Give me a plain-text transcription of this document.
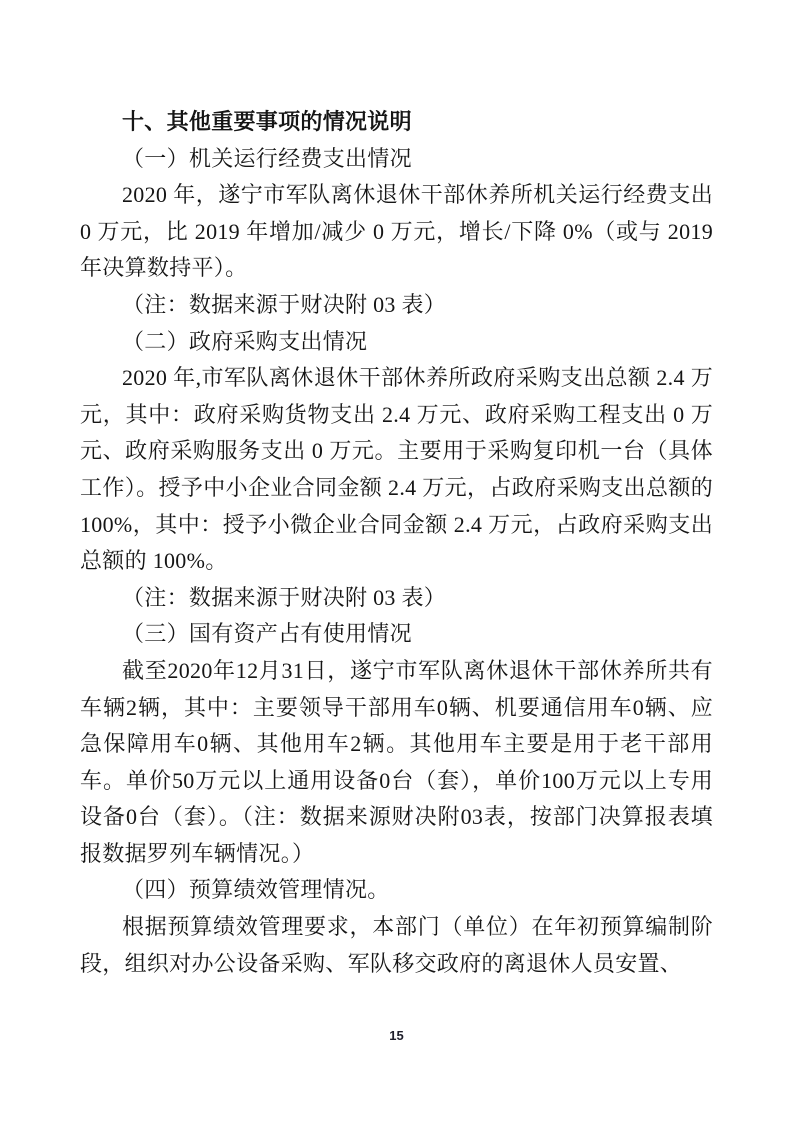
十、其他重要事项的情况说明

（一）机关运行经费支出情况

2020 年，遂宁市军队离休退休干部休养所机关运行经费支出 0 万元，比 2019 年增加/减少 0 万元，增长/下降 0%（或与 2019 年决算数持平）。

（注：数据来源于财决附 03 表）

（二）政府采购支出情况

2020 年,市军队离休退休干部休养所政府采购支出总额 2.4 万元，其中：政府采购货物支出 2.4 万元、政府采购工程支出 0 万元、政府采购服务支出 0 万元。主要用于采购复印机一台（具体工作）。授予中小企业合同金额 2.4 万元，占政府采购支出总额的 100%，其中：授予小微企业合同金额 2.4 万元，占政府采购支出总额的 100%。

（注：数据来源于财决附 03 表）

（三）国有资产占有使用情况

截至2020年12月31日，遂宁市军队离休退休干部休养所共有车辆2辆，其中：主要领导干部用车0辆、机要通信用车0辆、应急保障用车0辆、其他用车2辆。其他用车主要是用于老干部用车。单价50万元以上通用设备0台（套），单价100万元以上专用设备0台（套）。（注：数据来源财决附03表，按部门决算报表填报数据罗列车辆情况。）

（四）预算绩效管理情况。

根据预算绩效管理要求，本部门（单位）在年初预算编制阶段，组织对办公设备采购、军队移交政府的离退休人员安置、

15
